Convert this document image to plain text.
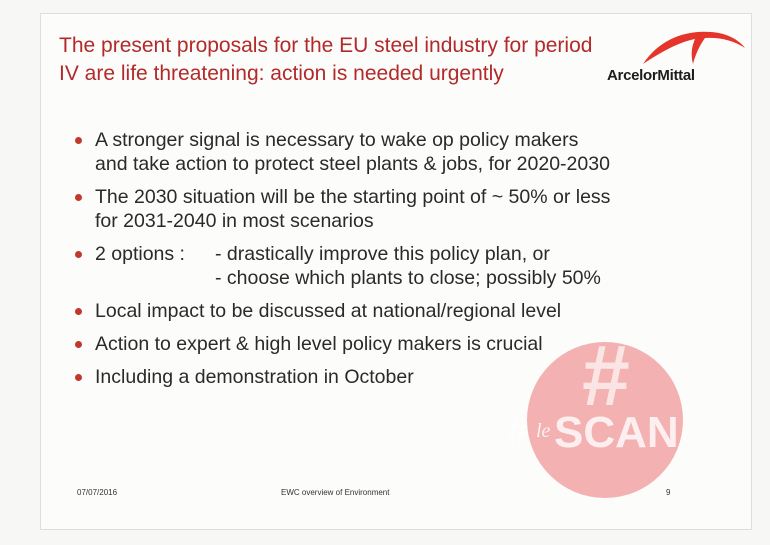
The present proposals for the EU steel industry for period
IV are life threatening: action is needed urgently	ArcelorMittal
A stronger signal is necessary to wake op policy makers
and take action to protect steel plants & jobs, for 2020-2030
The 2030 situation will be the starting point of ~ 50% or less
for 2031-2040 in most scenarios
2 options : - drastically improve this policy plan, or
- choose which plants to close; possibly 50%
Local impact to be discussed at national/regional level
Action to expert & high level policy makers is crucial
Including a demonstration in October
07/07/2016	EWC overview of Environment	9
#
# le SCAN
